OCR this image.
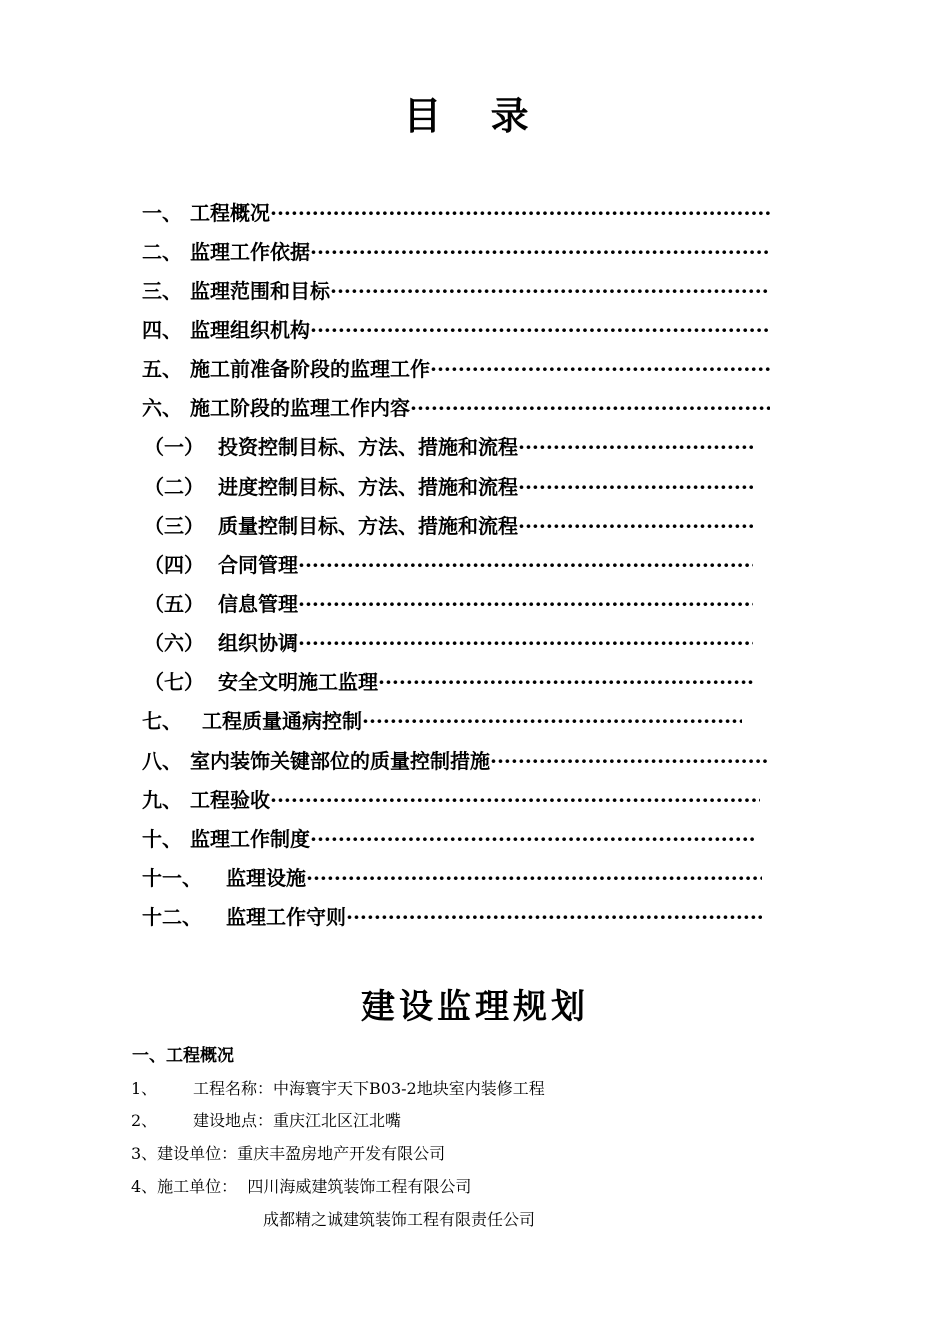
目 录
一、 工程概况
·····
二、 监理工作依据
·····
三、 监理范围和目标
·····
四、 监理组织机构
·····
五、 施工前准备阶段的监理工作
·····
六、 施工阶段的监理工作内容
·····
（一） 投资控制目标、方法、措施和流程
·····
（二） 进度控制目标、方法、措施和流程
·····
（三） 质量控制目标、方法、措施和流程
·····
（四） 合同管理
·····
（五） 信息管理
·····
（六） 组织协调
·····
（七） 安全文明施工监理
·····
七、	工程质量通病控制
·····
八、 室内装饰关键部位的质量控制措施
·····
九、 工程验收
·····
十、 监理工作制度
·····
十一、	监理设施
·····
十二、	监理工作守则
·····
建设监理规划
一、工程概况
1、 工程名称：中海寰宇天下B03-2地块室内装修工程
2、 建设地点：重庆江北区江北嘴
3、建设单位：重庆丰盈房地产开发有限公司
4、施工单位：  四川海威建筑装饰工程有限公司
成都精之诚建筑装饰工程有限责任公司
